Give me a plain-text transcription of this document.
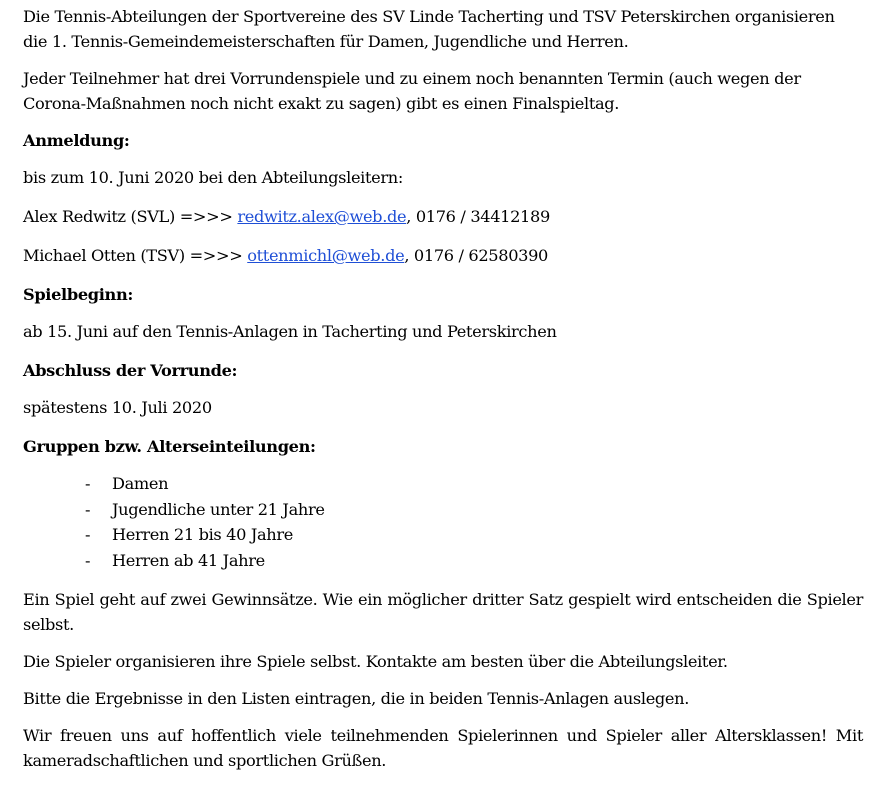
Die Tennis-Abteilungen der Sportvereine des SV Linde Tacherting und TSV Peterskirchen organisieren die 1. Tennis-Gemeindemeisterschaften für Damen, Jugendliche und Herren.

Jeder Teilnehmer hat drei Vorrundenspiele und zu einem noch benannten Termin (auch wegen der Corona-Maßnahmen noch nicht exakt zu sagen) gibt es einen Finalspieltag.

Anmeldung:
bis zum 10. Juni 2020 bei den Abteilungsleitern:
Alex Redwitz (SVL) =>>> redwitz.alex@web.de, 0176 / 34412189
Michael Otten (TSV) =>>> ottenmichl@web.de, 0176 / 62580390
Spielbeginn:
ab 15. Juni auf den Tennis-Anlagen in Tacherting und Peterskirchen
Abschluss der Vorrunde:
spätestens 10. Juli 2020
Gruppen bzw. Alterseinteilungen:
- Damen
- Jugendliche unter 21 Jahre
- Herren 21 bis 40 Jahre
- Herren ab 41 Jahre

Ein Spiel geht auf zwei Gewinnsätze. Wie ein möglicher dritter Satz gespielt wird entscheiden die Spieler selbst.

Die Spieler organisieren ihre Spiele selbst. Kontakte am besten über die Abteilungsleiter.

Bitte die Ergebnisse in den Listen eintragen, die in beiden Tennis-Anlagen auslegen.

Wir freuen uns auf hoffentlich viele teilnehmenden Spielerinnen und Spieler aller Altersklassen! Mit kameradschaftlichen und sportlichen Grüßen.
